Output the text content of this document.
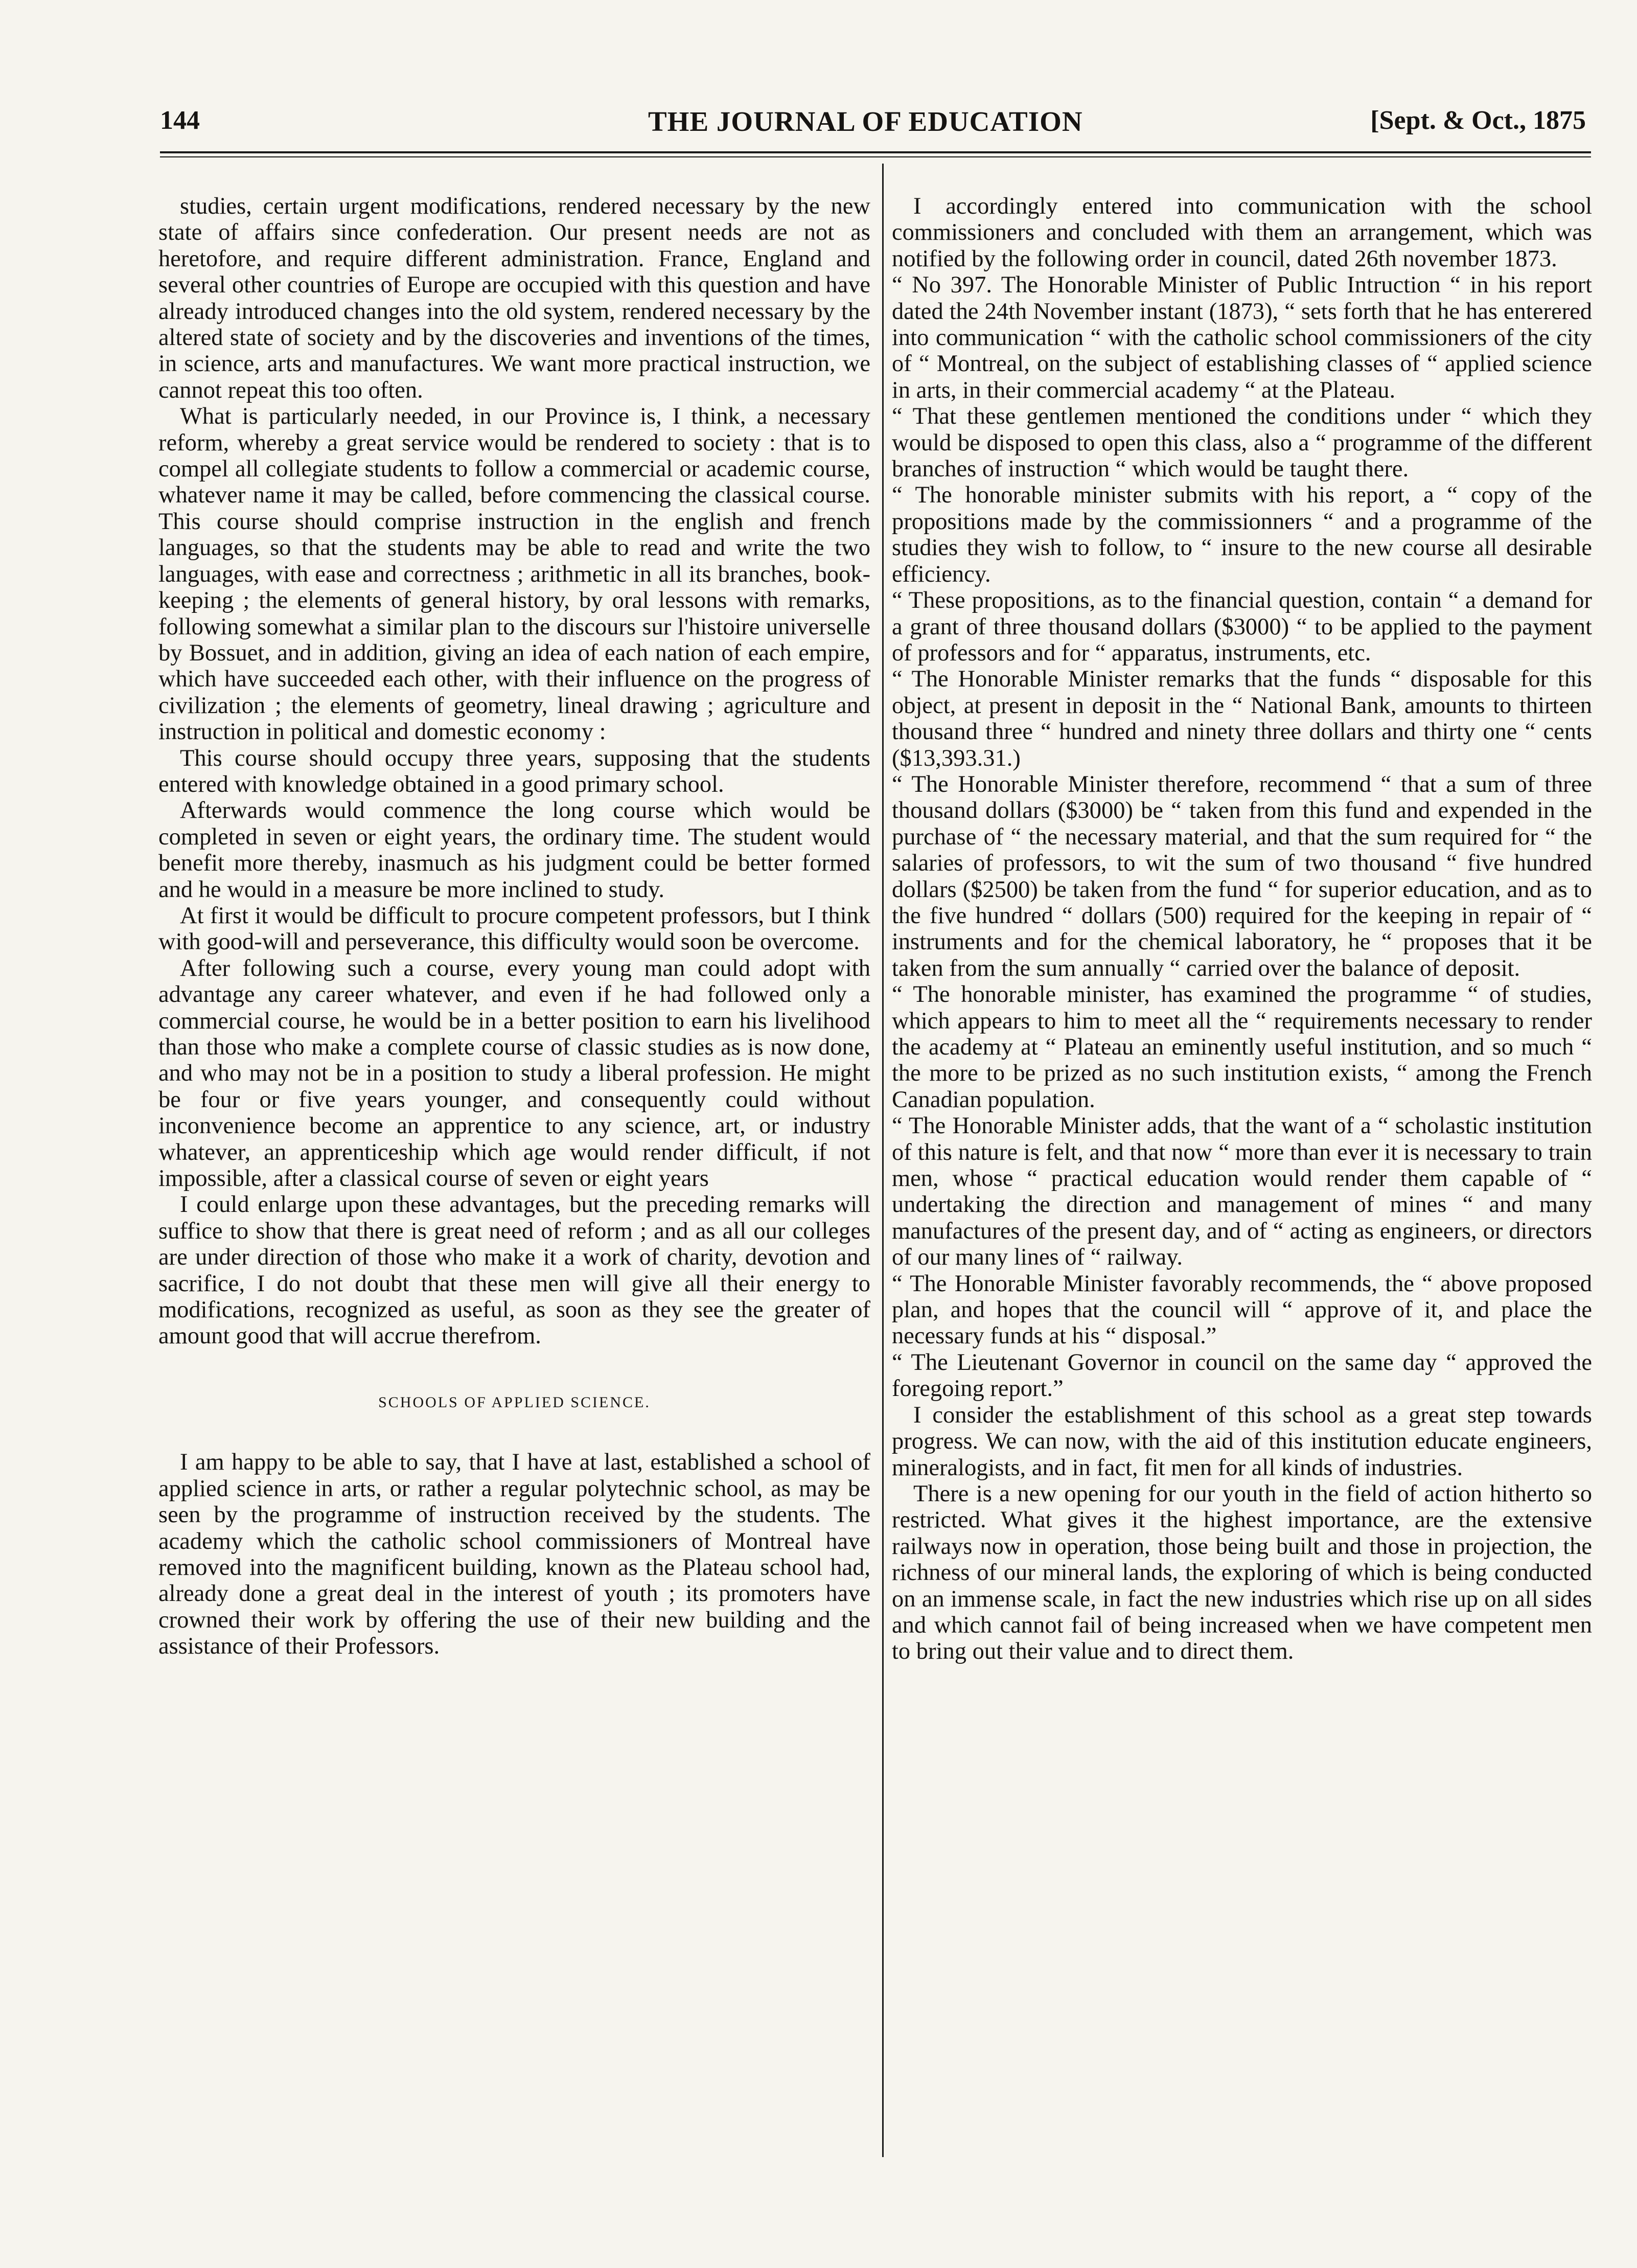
144	THE JOURNAL OF EDUCATION	[Sept. & Oct., 1875

studies, certain urgent modifications, rendered necessary by the new state of affairs since confederation. Our present needs are not as heretofore, and require different administration. France, England and several other countries of Europe are occupied with this question and have already introduced changes into the old system, rendered necessary by the altered state of society and by the discoveries and inventions of the times, in science, arts and manufactures. We want more practical instruction, we cannot repeat this too often.

What is particularly needed, in our Province is, I think, a necessary reform, whereby a great service would be rendered to society : that is to compel all collegiate students to follow a commercial or academic course, whatever name it may be called, before commencing the classical course. This course should comprise instruction in the english and french languages, so that the students may be able to read and write the two languages, with ease and correctness ; arithmetic in all its branches, book-keeping ; the elements of general history, by oral lessons with remarks, following somewhat a similar plan to the discours sur l'histoire universelle by Bossuet, and in addition, giving an idea of each nation of each empire, which have succeeded each other, with their influence on the progress of civilization ; the elements of geometry, lineal drawing ; agriculture and instruction in political and domestic economy :

This course should occupy three years, supposing that the students entered with knowledge obtained in a good primary school.

Afterwards would commence the long course which would be completed in seven or eight years, the ordinary time. The student would benefit more thereby, inasmuch as his judgment could be better formed and he would in a measure be more inclined to study.

At first it would be difficult to procure competent professors, but I think with good-will and perseverance, this difficulty would soon be overcome.

After following such a course, every young man could adopt with advantage any career whatever, and even if he had followed only a commercial course, he would be in a better position to earn his livelihood than those who make a complete course of classic studies as is now done, and who may not be in a position to study a liberal profession. He might be four or five years younger, and consequently could without inconvenience become an apprentice to any science, art, or industry whatever, an apprenticeship which age would render difficult, if not impossible, after a classical course of seven or eight years

I could enlarge upon these advantages, but the preceding remarks will suffice to show that there is great need of reform ; and as all our colleges are under direction of those who make it a work of charity, devotion and sacrifice, I do not doubt that these men will give all their energy to modifications, recognized as useful, as soon as they see the greater of amount good that will accrue therefrom.

SCHOOLS OF APPLIED SCIENCE.

I am happy to be able to say, that I have at last, established a school of applied science in arts, or rather a regular polytechnic school, as may be seen by the programme of instruction received by the students. The academy which the catholic school commissioners of Montreal have removed into the magnificent building, known as the Plateau school had, already done a great deal in the interest of youth ; its promoters have crowned their work by offering the use of their new building and the assistance of their Professors.

I accordingly entered into communication with the school commissioners and concluded with them an arrangement, which was notified by the following order in council, dated 26th november 1873.

“ No 397. The Honorable Minister of Public Intruction “ in his report dated the 24th November instant (1873), “ sets forth that he has enterered into communication “ with the catholic school commissioners of the city of “ Montreal, on the subject of establishing classes of “ applied science in arts, in their commercial academy “ at the Plateau.

“ That these gentlemen mentioned the conditions under “ which they would be disposed to open this class, also a “ programme of the different branches of instruction “ which would be taught there.

“ The honorable minister submits with his report, a “ copy of the propositions made by the commissionners “ and a programme of the studies they wish to follow, to “ insure to the new course all desirable efficiency.

“ These propositions, as to the financial question, contain “ a demand for a grant of three thousand dollars ($3000) “ to be applied to the payment of professors and for “ apparatus, instruments, etc.

“ The Honorable Minister remarks that the funds “ disposable for this object, at present in deposit in the “ National Bank, amounts to thirteen thousand three “ hundred and ninety three dollars and thirty one “ cents ($13,393.31.)

“ The Honorable Minister therefore, recommend “ that a sum of three thousand dollars ($3000) be “ taken from this fund and expended in the purchase of “ the necessary material, and that the sum required for “ the salaries of professors, to wit the sum of two thousand “ five hundred dollars ($2500) be taken from the fund “ for superior education, and as to the five hundred “ dollars (500) required for the keeping in repair of “ instruments and for the chemical laboratory, he “ proposes that it be taken from the sum annually “ carried over the balance of deposit.

“ The honorable minister, has examined the programme “ of studies, which appears to him to meet all the “ requirements necessary to render the academy at “ Plateau an eminently useful institution, and so much “ the more to be prized as no such institution exists, “ among the French Canadian population.

“ The Honorable Minister adds, that the want of a “ scholastic institution of this nature is felt, and that now “ more than ever it is necessary to train men, whose “ practical education would render them capable of “ undertaking the direction and management of mines “ and many manufactures of the present day, and of “ acting as engineers, or directors of our many lines of “ railway.

“ The Honorable Minister favorably recommends, the “ above proposed plan, and hopes that the council will “ approve of it, and place the necessary funds at his “ disposal.”

“ The Lieutenant Governor in council on the same day “ approved the foregoing report.”

I consider the establishment of this school as a great step towards progress. We can now, with the aid of this institution educate engineers, mineralogists, and in fact, fit men for all kinds of industries.

There is a new opening for our youth in the field of action hitherto so restricted. What gives it the highest importance, are the extensive railways now in operation, those being built and those in projection, the richness of our mineral lands, the exploring of which is being conducted on an immense scale, in fact the new industries which rise up on all sides and which cannot fail of being increased when we have competent men to bring out their value and to direct them.
